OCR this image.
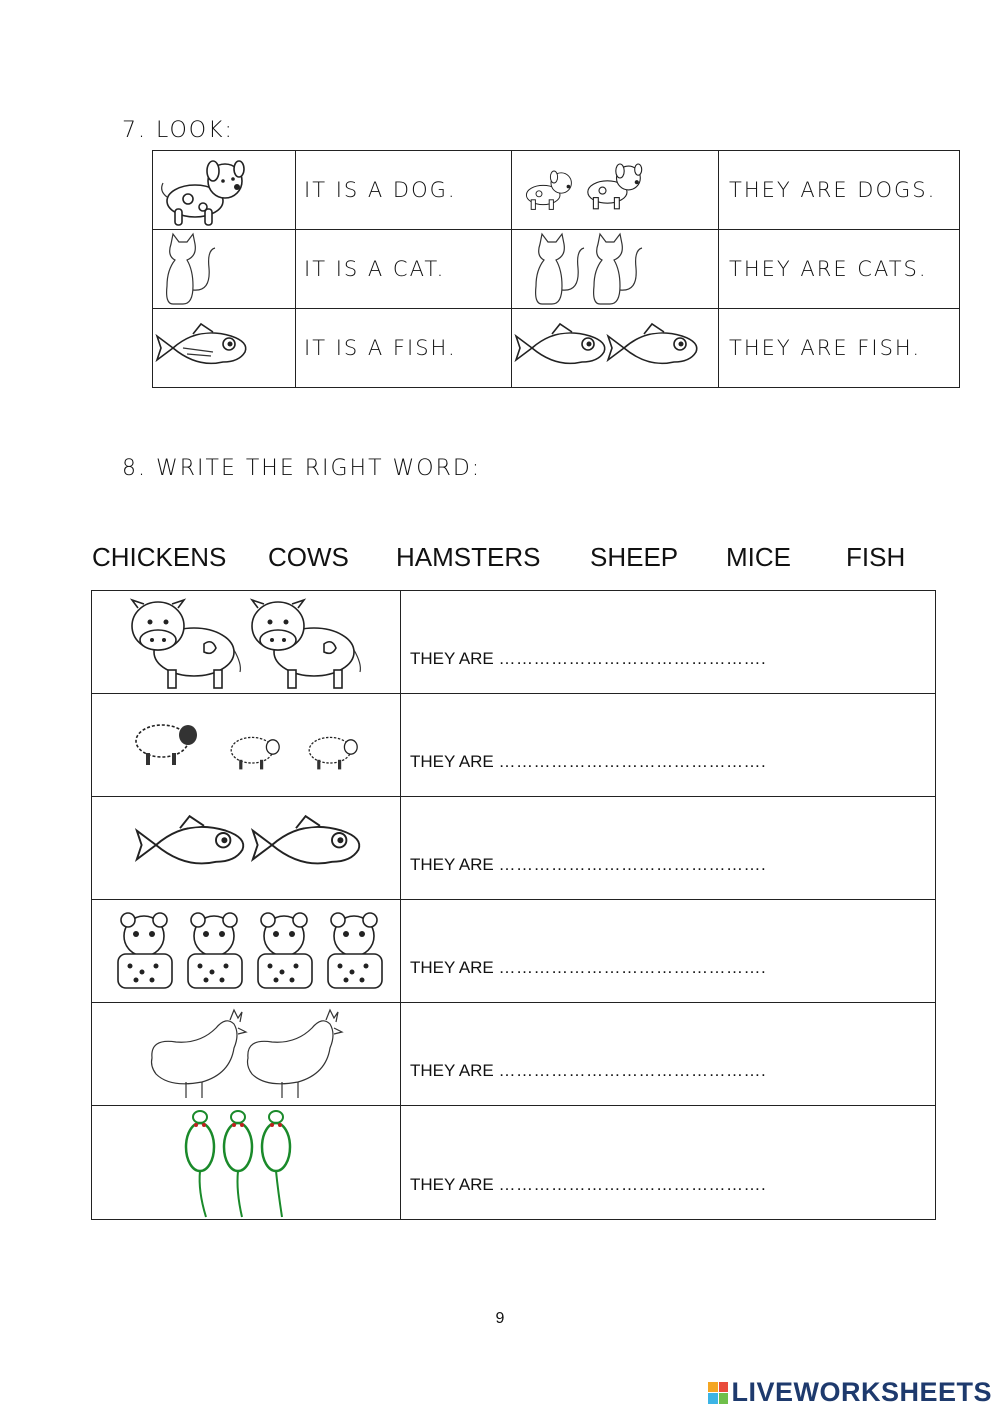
7. LOOK:
	IT IS A DOG.		THEY ARE DOGS.

	IT IS A CAT.		THEY ARE CATS.

	IT IS A FISH.		THEY ARE FISH.
8. WRITE THE RIGHT WORD:
CHICKENS	COWS	HAMSTERS	SHEEP	MICE	FISH
	THEY ARE ……………………………………….

	THEY ARE ……………………………………….

	THEY ARE ……………………………………….

	THEY ARE ……………………………………….

	THEY ARE ……………………………………….

	THEY ARE ……………………………………….
9
LIVEWORKSHEETS
